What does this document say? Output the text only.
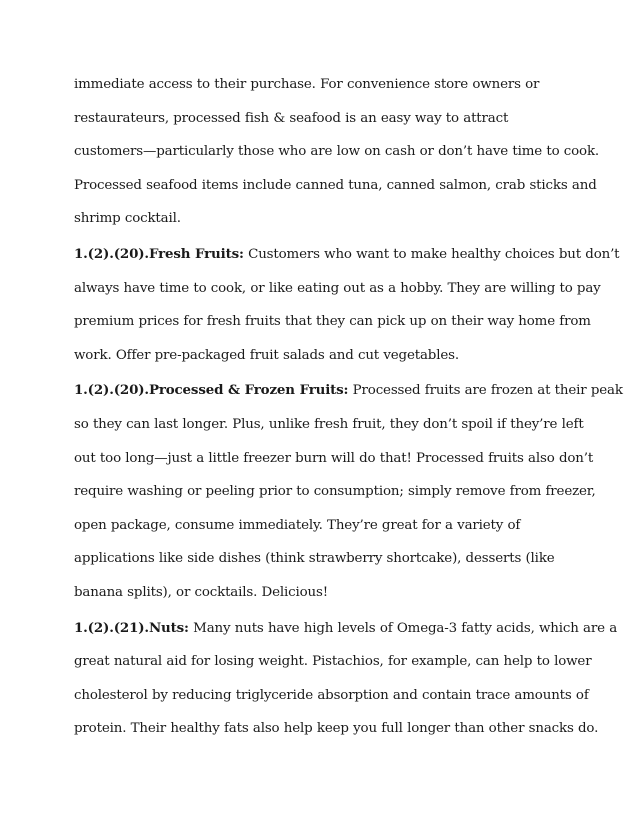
immediate access to their purchase. For convenience store owners or
restaurateurs, processed fish & seafood is an easy way to attract
customers—particularly those who are low on cash or don’t have time to cook.
Processed seafood items include canned tuna, canned salmon, crab sticks and
shrimp cocktail.
1.(2).(20).Fresh Fruits: Customers who want to make healthy choices but don’t
always have time to cook, or like eating out as a hobby. They are willing to pay
premium prices for fresh fruits that they can pick up on their way home from
work. Offer pre-packaged fruit salads and cut vegetables.
1.(2).(20).Processed & Frozen Fruits: Processed fruits are frozen at their peak
so they can last longer. Plus, unlike fresh fruit, they don’t spoil if they’re left
out too long—just a little freezer burn will do that! Processed fruits also don’t
require washing or peeling prior to consumption; simply remove from freezer,
open package, consume immediately. They’re great for a variety of
applications like side dishes (think strawberry shortcake), desserts (like
banana splits), or cocktails. Delicious!
1.(2).(21).Nuts: Many nuts have high levels of Omega-3 fatty acids, which are a
great natural aid for losing weight. Pistachios, for example, can help to lower
cholesterol by reducing triglyceride absorption and contain trace amounts of
protein. Their healthy fats also help keep you full longer than other snacks do.
